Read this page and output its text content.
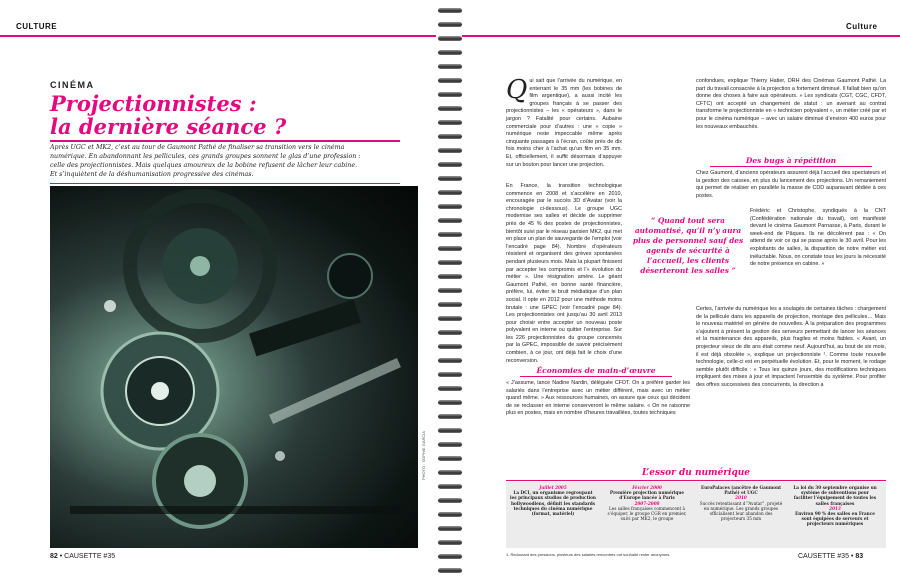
CULTURE
CINÉMA
Projectionnistes :
la dernière séance ?
Après UGC et MK2, c’est au tour de Gaumont Pathé de finaliser sa transition vers le cinéma
numérique. En abandonnant les pellicules, ces grands groupes sonnent le glas d’une profession :
celle des projectionnistes. Mais quelques amoureux de la bobine refusent de lâcher leur cabine.
Et s’inquiètent de la déshumanisation progressive des cinémas.
PHOTO : SOPHIE GARCIA
82 • CAUSETTE #35
Culture

Qui sait que l’arrivée du numérique, en enterrant le 35 mm (les bobines de film argentique), a aussi incité les groupes français à se passer des projectionnistes – les « opérateurs », dans le jargon ? Fatalité pour certains. Aubaine commerciale pour d’autres : une « copie » numérique reste impeccable même après cinquante passages à l’écran, coûte près de dix fois moins cher à l’achat qu’un film en 35 mm. Et, officiellement, il suffit désormais d’appuyer sur un bouton pour lancer une projection.

En France, la transition technologique commence en 2008 et s’accélère en 2010, encouragée par le succès 3D d’Avatar (voir la chronologie ci-dessous). Le groupe UGC modernise ses salles et décide de supprimer près de 45 % des postes de projectionnistes, bientôt suivi par le réseau parisien MK2, qui met en place un plan de sauvegarde de l’emploi (voir l’encadré page 84). Nombre d’opérateurs résistent et organisent des grèves spontanées pendant plusieurs mois. Mais la plupart finissent par accepter les compromis et l’« évolution du métier ». Une résignation amère. Le géant Gaumont Pathé, en bonne santé financière, préfère, lui, éviter le bruit médiatique d’un plan social. Il opte en 2012 pour une méthode moins brutale : une GPEC (voir l’encadré page 84). Les projectionnistes ont jusqu’au 30 avril 2013 pour choisir entre accepter un nouveau poste polyvalent en interne ou quitter l’entreprise. Sur les 226 projectionnistes du groupe concernés par la GPEC, impossible de savoir précisément combien, à ce jour, ont déjà fait le choix d’une reconversion.

Économies de main-d’œuvre

« J’assume, lance Nadine Nardin, déléguée CFDT. On a préféré garder les salariés dans l’entreprise avec un métier différent, mais avec un métier quand même. » Aux ressources humaines, on assure que ceux qui décident de se reclasser en interne conserveront le même salaire. « On ne raisonne plus en postes, mais en nombre d’heures travaillées, toutes techniques

“ Quand tout sera automatisé, qu’il n’y aura plus de personnel sauf des agents de sécurité à l’accueil, les clients déserteront les salles ”

confondues, explique Thierry Hatier, DRH des Cinémas Gaumont Pathé. La part du travail consacrée à la projection a fortement diminué. Il fallait bien qu’on donne des choses à faire aux opérateurs. » Les syndicats (CGT, CGC, CFDT, CFTC) ont accepté un changement de statut : un avenant au contrat transforme le projectionniste en « technicien polyvalent », un métier créé par et pour le cinéma numérique – avec un salaire diminué d’environ 400 euros pour les nouveaux embauchés.

Des bugs à répétition

Chez Gaumont, d’anciens opérateurs assurent déjà l’accueil des spectateurs et la gestion des caisses, en plus du lancement des projections. Un remaniement qui permet de réaliser en parallèle la masse de CDD auparavant dédiée à ces postes.

Frédéric et Christophe, syndiqués à la CNT (Confédération nationale du travail), ont manifesté devant le cinéma Gaumont Parnasse, à Paris, durant le week-end de Pâques. Ils ne décolèrent pas : « On attend de voir ce qui se passe après le 30 avril. Pour les exploitants de salles, la disparition de notre métier est inéluctable. Nous, on constate tous les jours la nécessité de notre présence en cabine. »

Certes, l’arrivée du numérique les a soulagés de certaines tâches : chargement de la pellicule dans les appareils de projection, montage des pellicules… Mais le nouveau matériel en génère de nouvelles. À la préparation des programmes s’ajoutent à présent la gestion des serveurs permettant de lancer les séances et la maintenance des appareils, plus fragiles et moins fiables. « Avant, un projecteur vieux de dix ans était comme neuf. Aujourd’hui, au bout de six mois, il est déjà obsolète », explique un projectionniste ¹. Comme toute nouvelle technologie, celle-ci est en perpétuelle évolution. Et, pour le moment, le rodage semble plutôt difficile : « Tous les quinze jours, des modifications techniques impliquent des mises à jour et impactent l’ensemble du système. Pour profiter des offres successives des concurrents, la direction a

L’essor du numérique
Juillet 2005
La DCI, un organisme regroupant les principaux studios de production hollywoodiens, définit les standards techniques du cinéma numérique (format, matériel)
Février 2000
Première projection numérique d’Europe lancée à Paris
2007-2008
Les salles françaises commencent à s’équiper, le groupe CGR en premier, suivi par MK2, le groupe
EuroPalaces (ancêtre de Gaumont Pathé) et UGC
2010
Succès retentissant d’“Avatar”, projeté en numérique. Les grands groupes officialisent leur abandon des projecteurs 35 mm
La loi du 30 septembre organise un système de subventions pour faciliter l’équipement de toutes les salles françaises
2013
Environ 90 % des salles en France sont équipées de serveurs et projecteurs numériques
1. Redoutant des pressions, plusieurs des salariés rencontrés ont souhaité rester anonymes.	CAUSETTE #35 • 83
